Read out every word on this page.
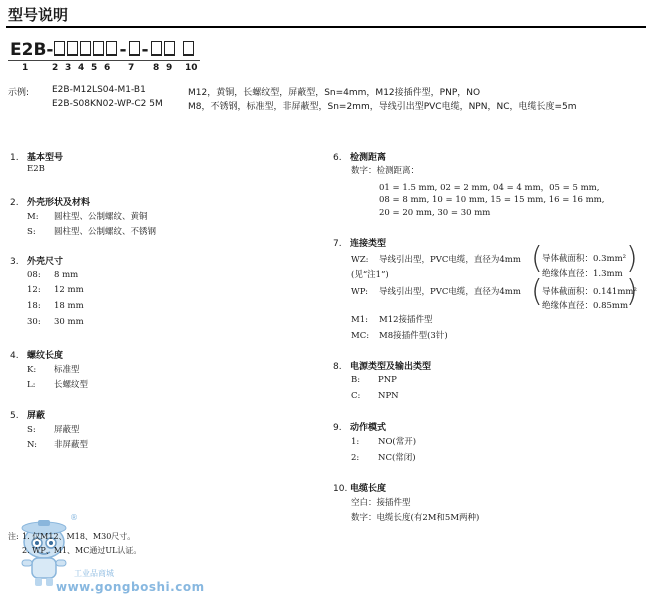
型号说明
E2B-	- -
1	2 3 4 5 6 7 8 9 10
示例:	E2B-M12LS04-M1-B1	M12，黄铜，长螺纹型，屏蔽型，Sn=4mm，M12接插件型，PNP，NO
E2B-S08KN02-WP-C2 5M	M8，不锈钢，标准型，非屏蔽型，Sn=2mm，导线引出型PVC电缆，NPN，NC，电缆长度=5m
1. 基本型号
E2B
2. 外壳形状及材料
M: 圆柱型、公制螺纹、黄铜
S: 圆柱型、公制螺纹、不锈钢
3. 外壳尺寸
08: 8 mm
12: 12 mm
18: 18 mm
30: 30 mm
4. 螺纹长度
K: 标准型
L: 长螺纹型
5. 屏蔽
S: 屏蔽型
N: 非屏蔽型
6. 检测距离
数字：检测距离：
01 = 1.5 mm, 02 = 2 mm, 04 = 4 mm，05 = 5 mm,
08 = 8 mm, 10 = 10 mm, 15 = 15 mm, 16 = 16 mm,
20 = 20 mm, 30 = 30 mm
7. 连接类型
WZ: 导线引出型，PVC电缆，直径为4mm
(见“注1”)	( 导体截面积：0.3mm²
绝缘体直径：1.3mm )
WP: 导线引出型，PVC电缆，直径为4mm ( 导体截面积：0.141mm²
绝缘体直径：0.85mm
)
M1: M12接插件型
MC: M8接插件型(3针)
8. 电源类型及输出类型
B: PNP
C: NPN
9. 动作模式
1: NO(常开)
2: NC(常闭)
10. 电缆长度
空白：接插件型
数字：电缆长度(有2M和5M两种)
®
注: 1. 仅M12、M18、M30尺寸。
2. WP、M1、MC通过UL认证。
工业品商城
www.gongboshi.com
